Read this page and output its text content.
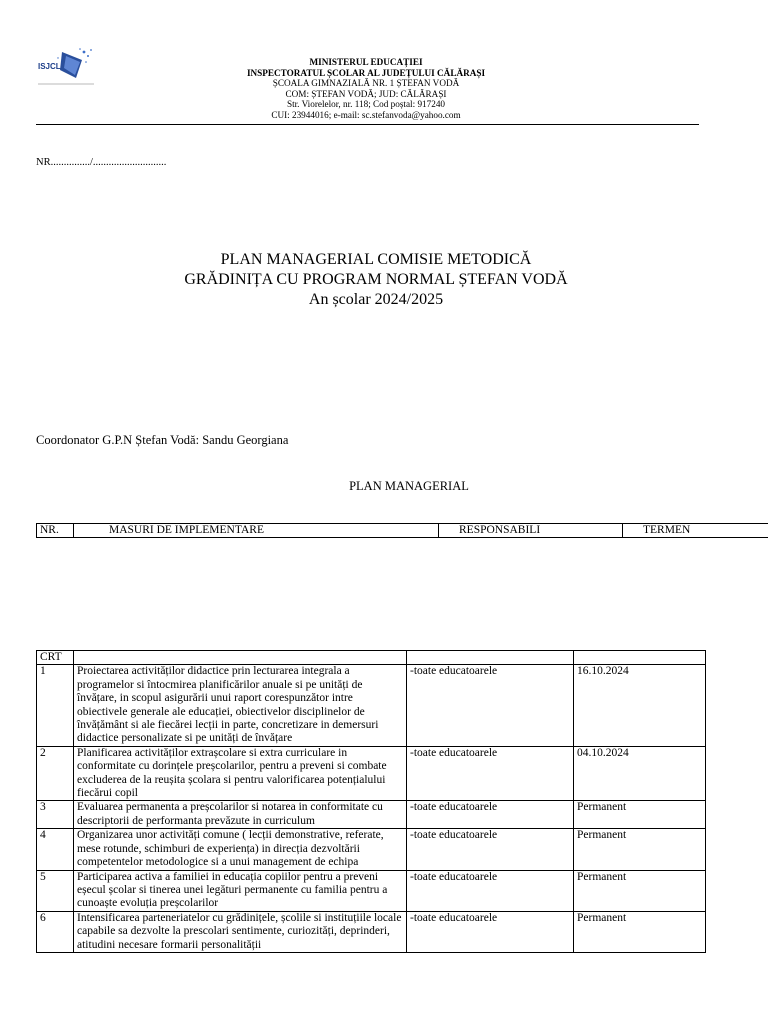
ISJCL	MINISTERUL EDUCAȚIEI
INSPECTORATUL ȘCOLAR AL JUDEȚULUI CĂLĂRAȘI
ȘCOALA GIMNAZIALĂ NR. 1 ȘTEFAN VODĂ
COM: ȘTEFAN VODĂ; JUD: CĂLĂRAȘI
Str. Viorelelor, nr. 118; Cod poștal: 917240
CUI: 23944016; e-mail: sc.stefanvoda@yahoo.com
NR.............../............................
PLAN MANAGERIAL COMISIE METODICĂ
GRĂDINIȚA CU PROGRAM NORMAL ȘTEFAN VODĂ
An școlar 2024/2025
Coordonator G.P.N Ștefan Vodă: Sandu Georgiana
PLAN MANAGERIAL
NR.	MASURI DE IMPLEMENTARE	RESPONSABILI	TERMEN
CRT			
1	Proiectarea activităților didactice prin lecturarea integrala a programelor si întocmirea planificărilor anuale si pe unități de învățare, in scopul asigurării unui raport corespunzător intre obiectivele generale ale educației, obiectivelor disciplinelor de învățământ si ale fiecărei lecții in parte, concretizare in demersuri didactice personalizate si pe unități de învățare	-toate educatoarele	16.10.2024
2	Planificarea activităților extrașcolare si extra curriculare in conformitate cu dorințele preșcolarilor, pentru a preveni si combate excluderea de la reușita școlara si pentru valorificarea potențialului fiecărui copil	-toate educatoarele	04.10.2024
3	Evaluarea permanenta a preșcolarilor si notarea in conformitate cu descriptorii de performanta prevăzute in curriculum	-toate educatoarele	Permanent
4	Organizarea unor activități comune ( lecții demonstrative, referate, mese rotunde, schimburi de experiența) in direcția dezvoltării competentelor metodologice si a unui management de echipa	-toate educatoarele	Permanent
5	Participarea activa a familiei in educația copiilor pentru a preveni eșecul școlar si tinerea unei legături permanente cu familia pentru a cunoaște evoluția preșcolarilor	-toate educatoarele	Permanent
6	Intensificarea parteneriatelor cu grădinițele, școlile si instituțiile locale capabile sa dezvolte la prescolari sentimente, curiozități, deprinderi, atitudini necesare formarii personalității	-toate educatoarele	Permanent
